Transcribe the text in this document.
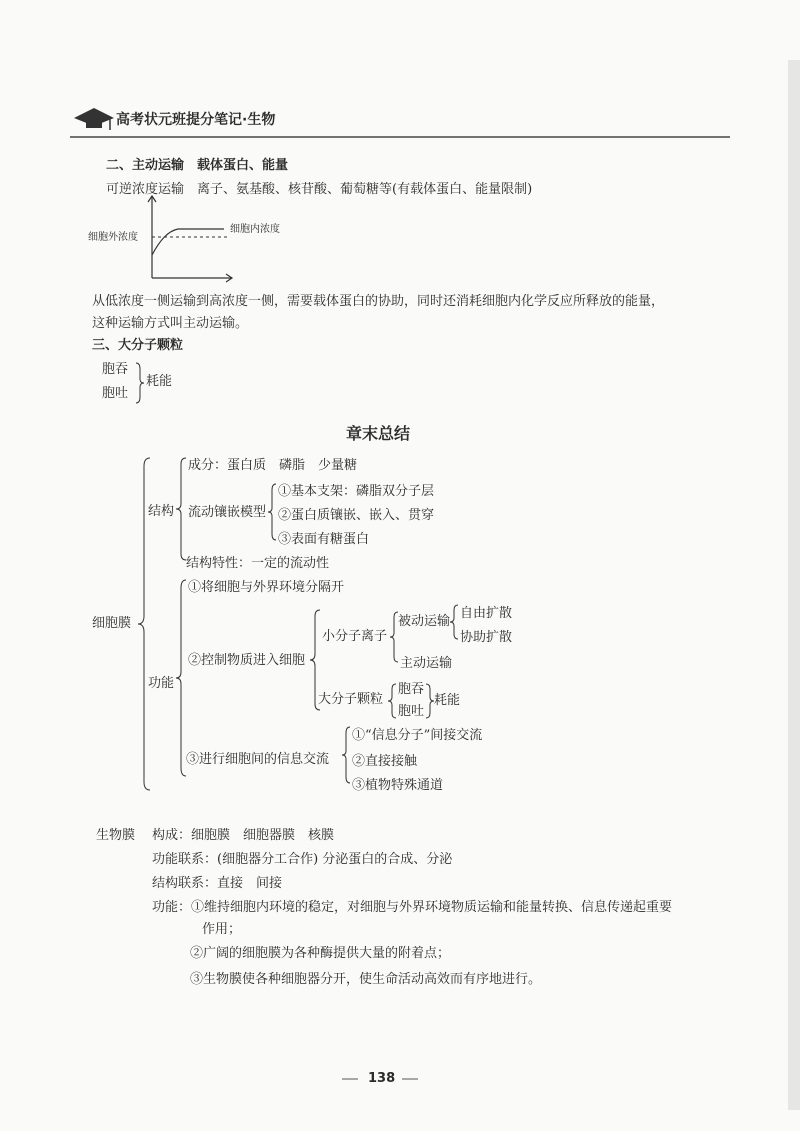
高考状元班提分笔记·生物
二、主动运输　载体蛋白、能量
可逆浓度运输　离子、氨基酸、核苷酸、葡萄糖等(有载体蛋白、能量限制)
细胞外浓度
细胞内浓度
从低浓度一侧运输到高浓度一侧，需要载体蛋白的协助，同时还消耗细胞内化学反应所释放的能量，
这种运输方式叫主动运输。
三、大分子颗粒
胞吞
胞吐
耗能
章末总结
细胞膜
结构
成分：蛋白质　磷脂　少量糖
流动镶嵌模型
①基本支架：磷脂双分子层
②蛋白质镶嵌、嵌入、贯穿
③表面有糖蛋白
结构特性：一定的流动性
功能
①将细胞与外界环境分隔开
②控制物质进入细胞
小分子离子
被动运输
自由扩散
协助扩散
主动运输
大分子颗粒
胞吞
胞吐
耗能
③进行细胞间的信息交流
①“信息分子”间接交流
②直接接触
③植物特殊通道
生物膜 构成：细胞膜　细胞器膜　核膜
功能联系：(细胞器分工合作) 分泌蛋白的合成、分泌
结构联系：直接　间接
功能：①维持细胞内环境的稳定，对细胞与外界环境物质运输和能量转换、信息传递起重要
作用；
②广阔的细胞膜为各种酶提供大量的附着点；
③生物膜使各种细胞器分开，使生命活动高效而有序地进行。
138
